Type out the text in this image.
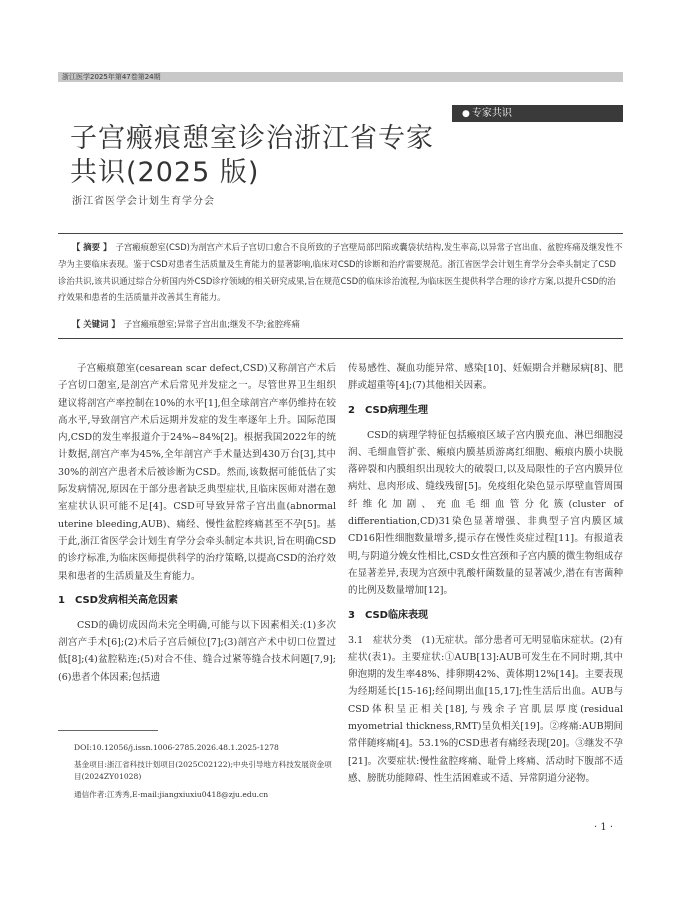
浙江医学2025年第47卷第24期
● 专家共识
子宫瘢痕憩室诊治浙江省专家
共识(2025 版)
浙江省医学会计划生育学分会
【 摘要 】　 子宫瘢痕憩室(CSD)为剖宫产术后子宫切口愈合不良所致的子宫壁局部凹陷或囊袋状结构,发生率高,以异常子宫出血、盆腔疼痛及继发性不孕为主要临床表现。鉴于CSD对患者生活质量及生育能力的显著影响,临床对CSD的诊断和治疗需要规范。浙江省医学会计划生育学分会牵头制定了CSD诊治共识,该共识通过综合分析国内外CSD诊疗领域的相关研究成果,旨在规范CSD的临床诊治流程,为临床医生提供科学合理的诊疗方案,以提升CSD的治疗效果和患者的生活质量并改善其生育能力。
【 关键词 】　 子宫瘢痕憩室;异常子宫出血;继发不孕;盆腔疼痛

子宫瘢痕憩室(cesarean scar defect,CSD)又称剖宫产术后子宫切口憩室,是剖宫产术后常见并发症之一。尽管世界卫生组织建议将剖宫产率控制在10%的水平[1],但全球剖宫产率仍维持在较高水平,导致剖宫产术后远期并发症的发生率逐年上升。国际范围内,CSD的发生率报道介于24%~84%[2]。根据我国2022年的统计数据,剖宫产率为45%,全年剖宫产手术量达到430万台[3],其中30%的剖宫产患者术后被诊断为CSD。然而,该数据可能低估了实际发病情况,原因在于部分患者缺乏典型症状,且临床医师对潜在憩室症状认识可能不足[4]。CSD可导致异常子宫出血(abnormal uterine bleeding,AUB)、痛经、慢性盆腔疼痛甚至不孕[5]。基于此,浙江省医学会计划生育学分会牵头制定本共识,旨在明确CSD的诊疗标准,为临床医师提供科学的治疗策略,以提高CSD的治疗效果和患者的生活质量及生育能力。

1　CSD发病相关高危因素

CSD的确切成因尚未完全明确,可能与以下因素相关:(1)多次剖宫产手术[6];(2)术后子宫后倾位[7];(3)剖宫产术中切口位置过低[8];(4)盆腔粘连;(5)对合不佳、缝合过紧等缝合技术问题[7,9];(6)患者个体因素;包括遗

传易感性、凝血功能异常、感染[10]、妊娠期合并糖尿病[8]、肥胖或超重等[4];(7)其他相关因素。

2　CSD病理生理

CSD的病理学特征包括瘢痕区域子宫内膜充血、淋巴细胞浸润、毛细血管扩张、瘢痕内膜基质游离红细胞、瘢痕内膜小块脱落碎裂和内膜组织出现较大的破裂口,以及局限性的子宫内膜异位病灶、息肉形成、缝线残留[5]。免疫组化染色显示厚壁血管周围纤维化加剧、充血毛细血管分化簇(cluster of differentiation,CD)31染色显著增强、非典型子宫内膜区域CD16阳性细胞数量增多,提示存在慢性炎症过程[11]。有报道表明,与阴道分娩女性相比,CSD女性宫颈和子宫内膜的微生物组成存在显著差异,表现为宫颈中乳酸杆菌数量的显著减少,潜在有害菌种的比例及数量增加[12]。

3　CSD临床表现

3.1　症状分类　(1)无症状。部分患者可无明显临床症状。(2)有症状(表1)。主要症状:①AUB[13]:AUB可发生在不同时期,其中卵泡期的发生率48%、排卵期42%、黄体期12%[14]。主要表现为经期延长[15-16];经间期出血[15,17];性生活后出血。AUB与CSD体积呈正相关[18],与残余子宫肌层厚度(residual myometrial thickness,RMT)呈负相关[19]。②疼痛:AUB期间常伴随疼痛[4]。53.1%的CSD患者有痛经表现[20]。③继发不孕[21]。次要症状:慢性盆腔疼痛、耻骨上疼痛、活动时下腹部不适感、膀胱功能障碍、性生活困难或不适、异常阴道分泌物。

DOI:10.12056/j.issn.1006-2785.2026.48.1.2025-1278
基金项目:浙江省科技计划项目(2025C02122);中央引导地方科技发展资金项目(2024ZY01028)
通信作者:江秀秀,E-mail:jiangxiuxiu0418@zju.edu.cn
· 1 ·
